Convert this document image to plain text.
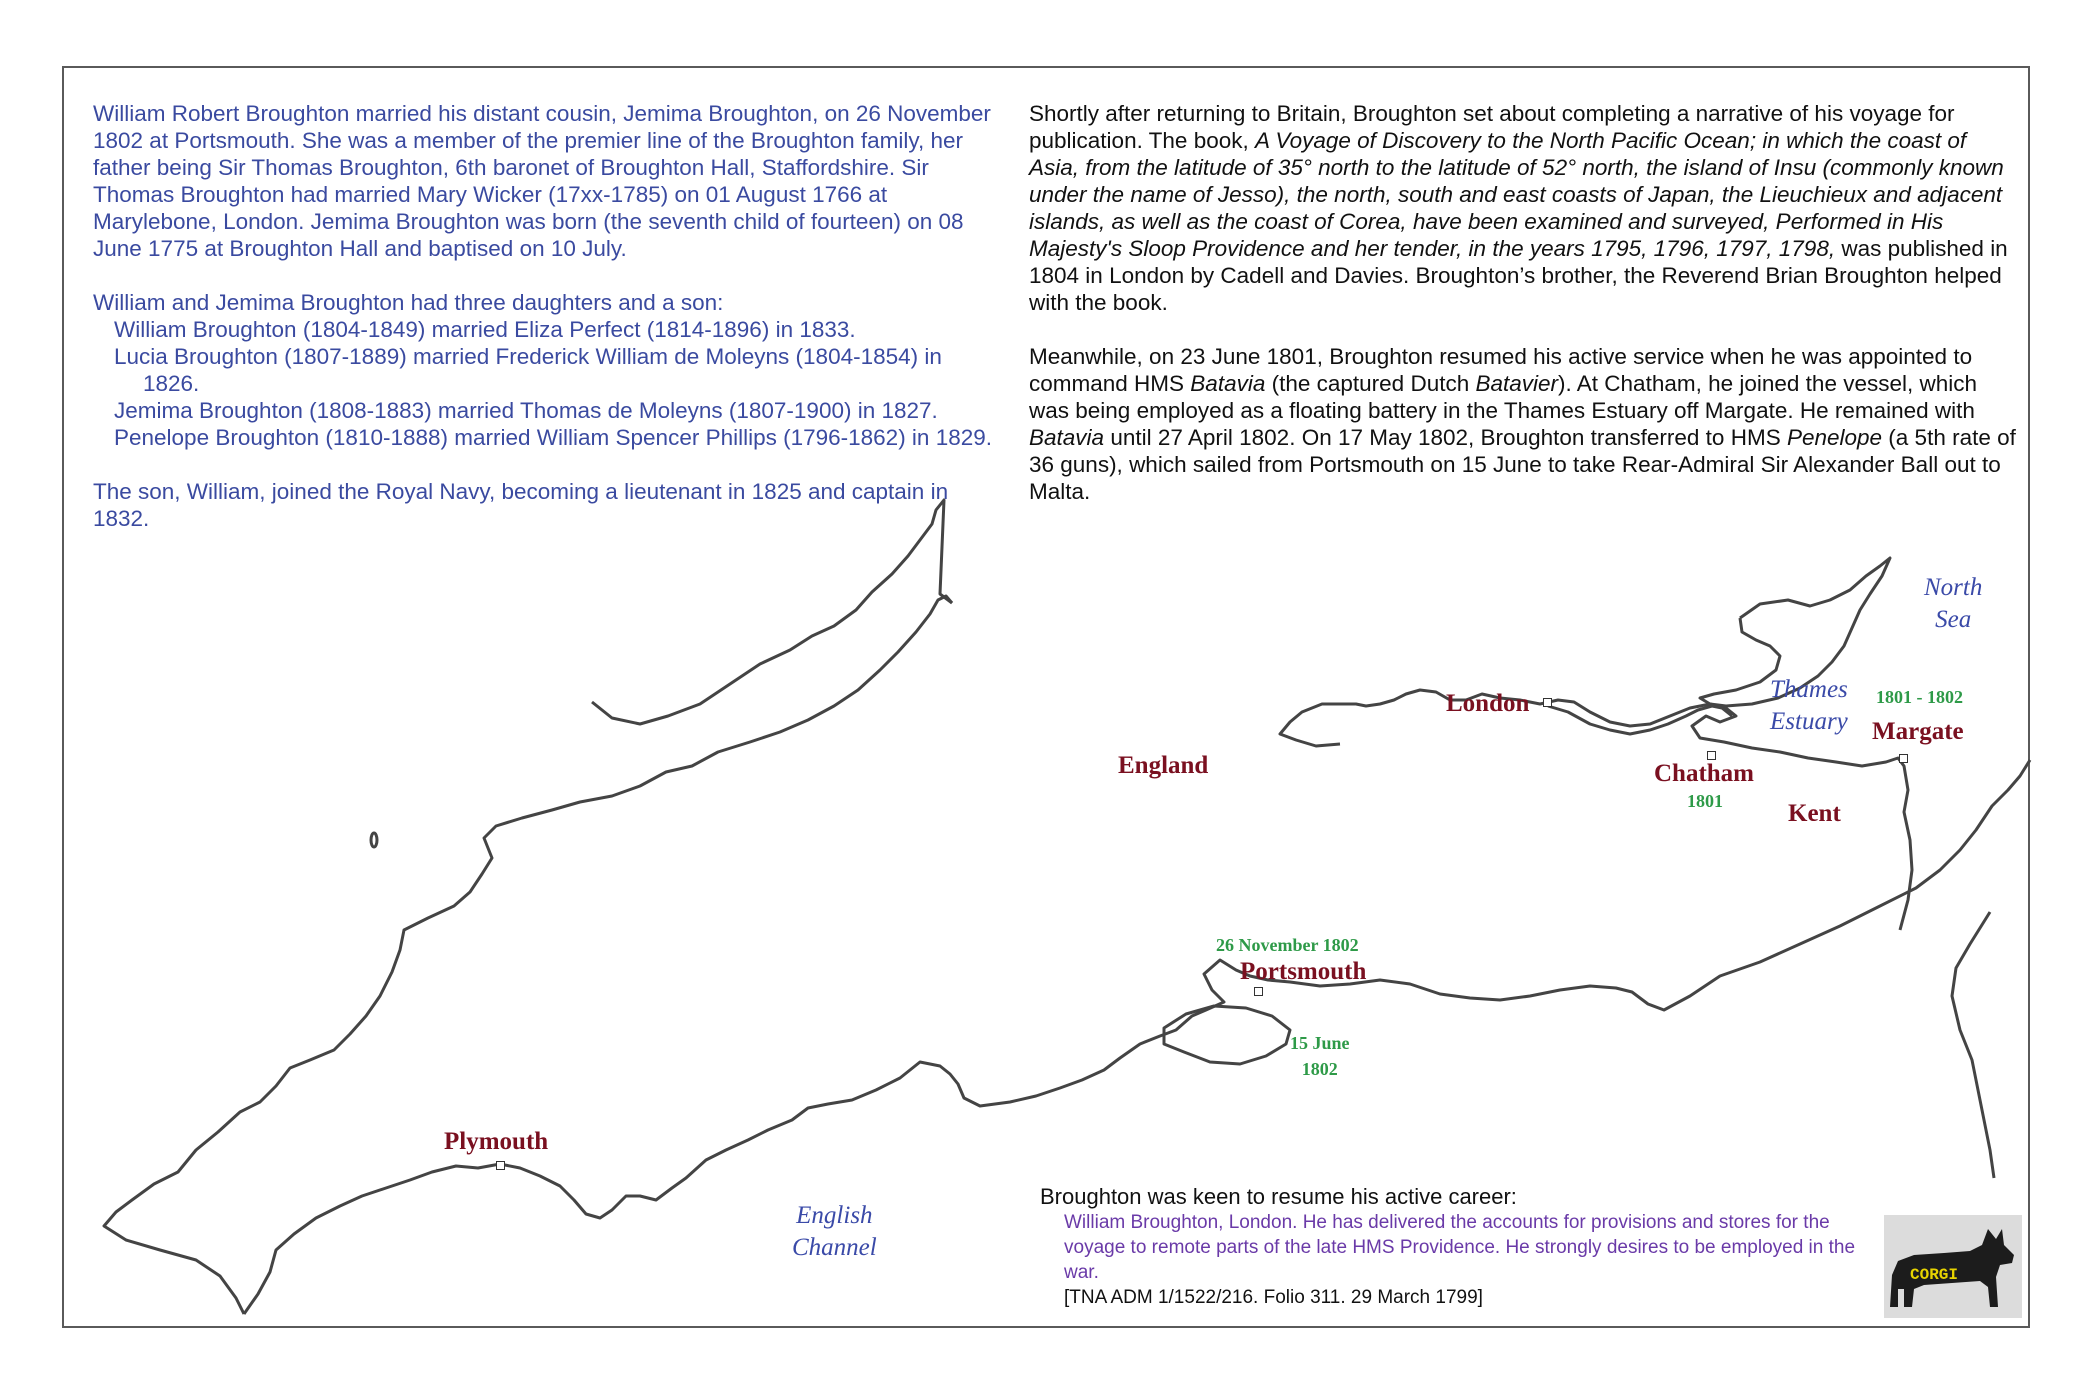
William Robert Broughton married his distant cousin, Jemima Broughton, on 26 November 1802 at Portsmouth. She was a member of the premier line of the Broughton family, her father being Sir Thomas Broughton, 6th baronet of Broughton Hall, Staffordshire. Sir Thomas Broughton had married Mary Wicker (17xx-1785) on 01 August 1766 at Marylebone, London. Jemima Broughton was born (the seventh child of fourteen) on 08 June 1775 at Broughton Hall and baptised on 10 July.

William and Jemima Broughton had three daughters and a son:

William Broughton (1804-1849) married Eliza Perfect (1814-1896) in 1833.

Lucia Broughton (1807-1889) married Frederick William de Moleyns (1804-1854) in 1826.

Jemima Broughton (1808-1883) married Thomas de Moleyns (1807-1900) in 1827.

Penelope Broughton (1810-1888) married William Spencer Phillips (1796-1862) in 1829.

The son, William, joined the Royal Navy, becoming a lieutenant in 1825 and captain in 1832.

Shortly after returning to Britain, Broughton set about completing a narrative of his voyage for publication. The book, A Voyage of Discovery to the North Pacific Ocean; in which the coast of Asia, from the latitude of 35° north to the latitude of 52° north, the island of Insu (commonly known under the name of Jesso), the north, south and east coasts of Japan, the Lieuchieux and adjacent islands, as well as the coast of Corea, have been examined and surveyed, Performed in His Majesty's Sloop Providence and her tender, in the years 1795, 1796, 1797, 1798, was published in 1804 in London by Cadell and Davies. Broughton’s brother, the Reverend Brian Broughton helped with the book.

Meanwhile, on 23 June 1801, Broughton resumed his active service when he was appointed to command HMS Batavia (the captured Dutch Batavier). At Chatham, he joined the vessel, which was being employed as a floating battery in the Thames Estuary off Margate. He remained with Batavia until 27 April 1802. On 17 May 1802, Broughton transferred to HMS Penelope (a 5th rate of 36 guns), which sailed from Portsmouth on 15 June to take Rear-Admiral Sir Alexander Ball out to Malta.

North
Sea
Thames
Estuary
English
Channel
London
Chatham
1801
1801 - 1802
Margate
Kent
England
26 November 1802
Portsmouth
15 June
1802
Plymouth
Broughton was keen to resume his active career:
William Broughton, London. He has delivered the accounts for provisions and stores for the voyage to remote parts of the late HMS Providence. He strongly desires to be employed in the war.
[TNA ADM 1/1522/216. Folio 311. 29 March 1799]
CORGI
